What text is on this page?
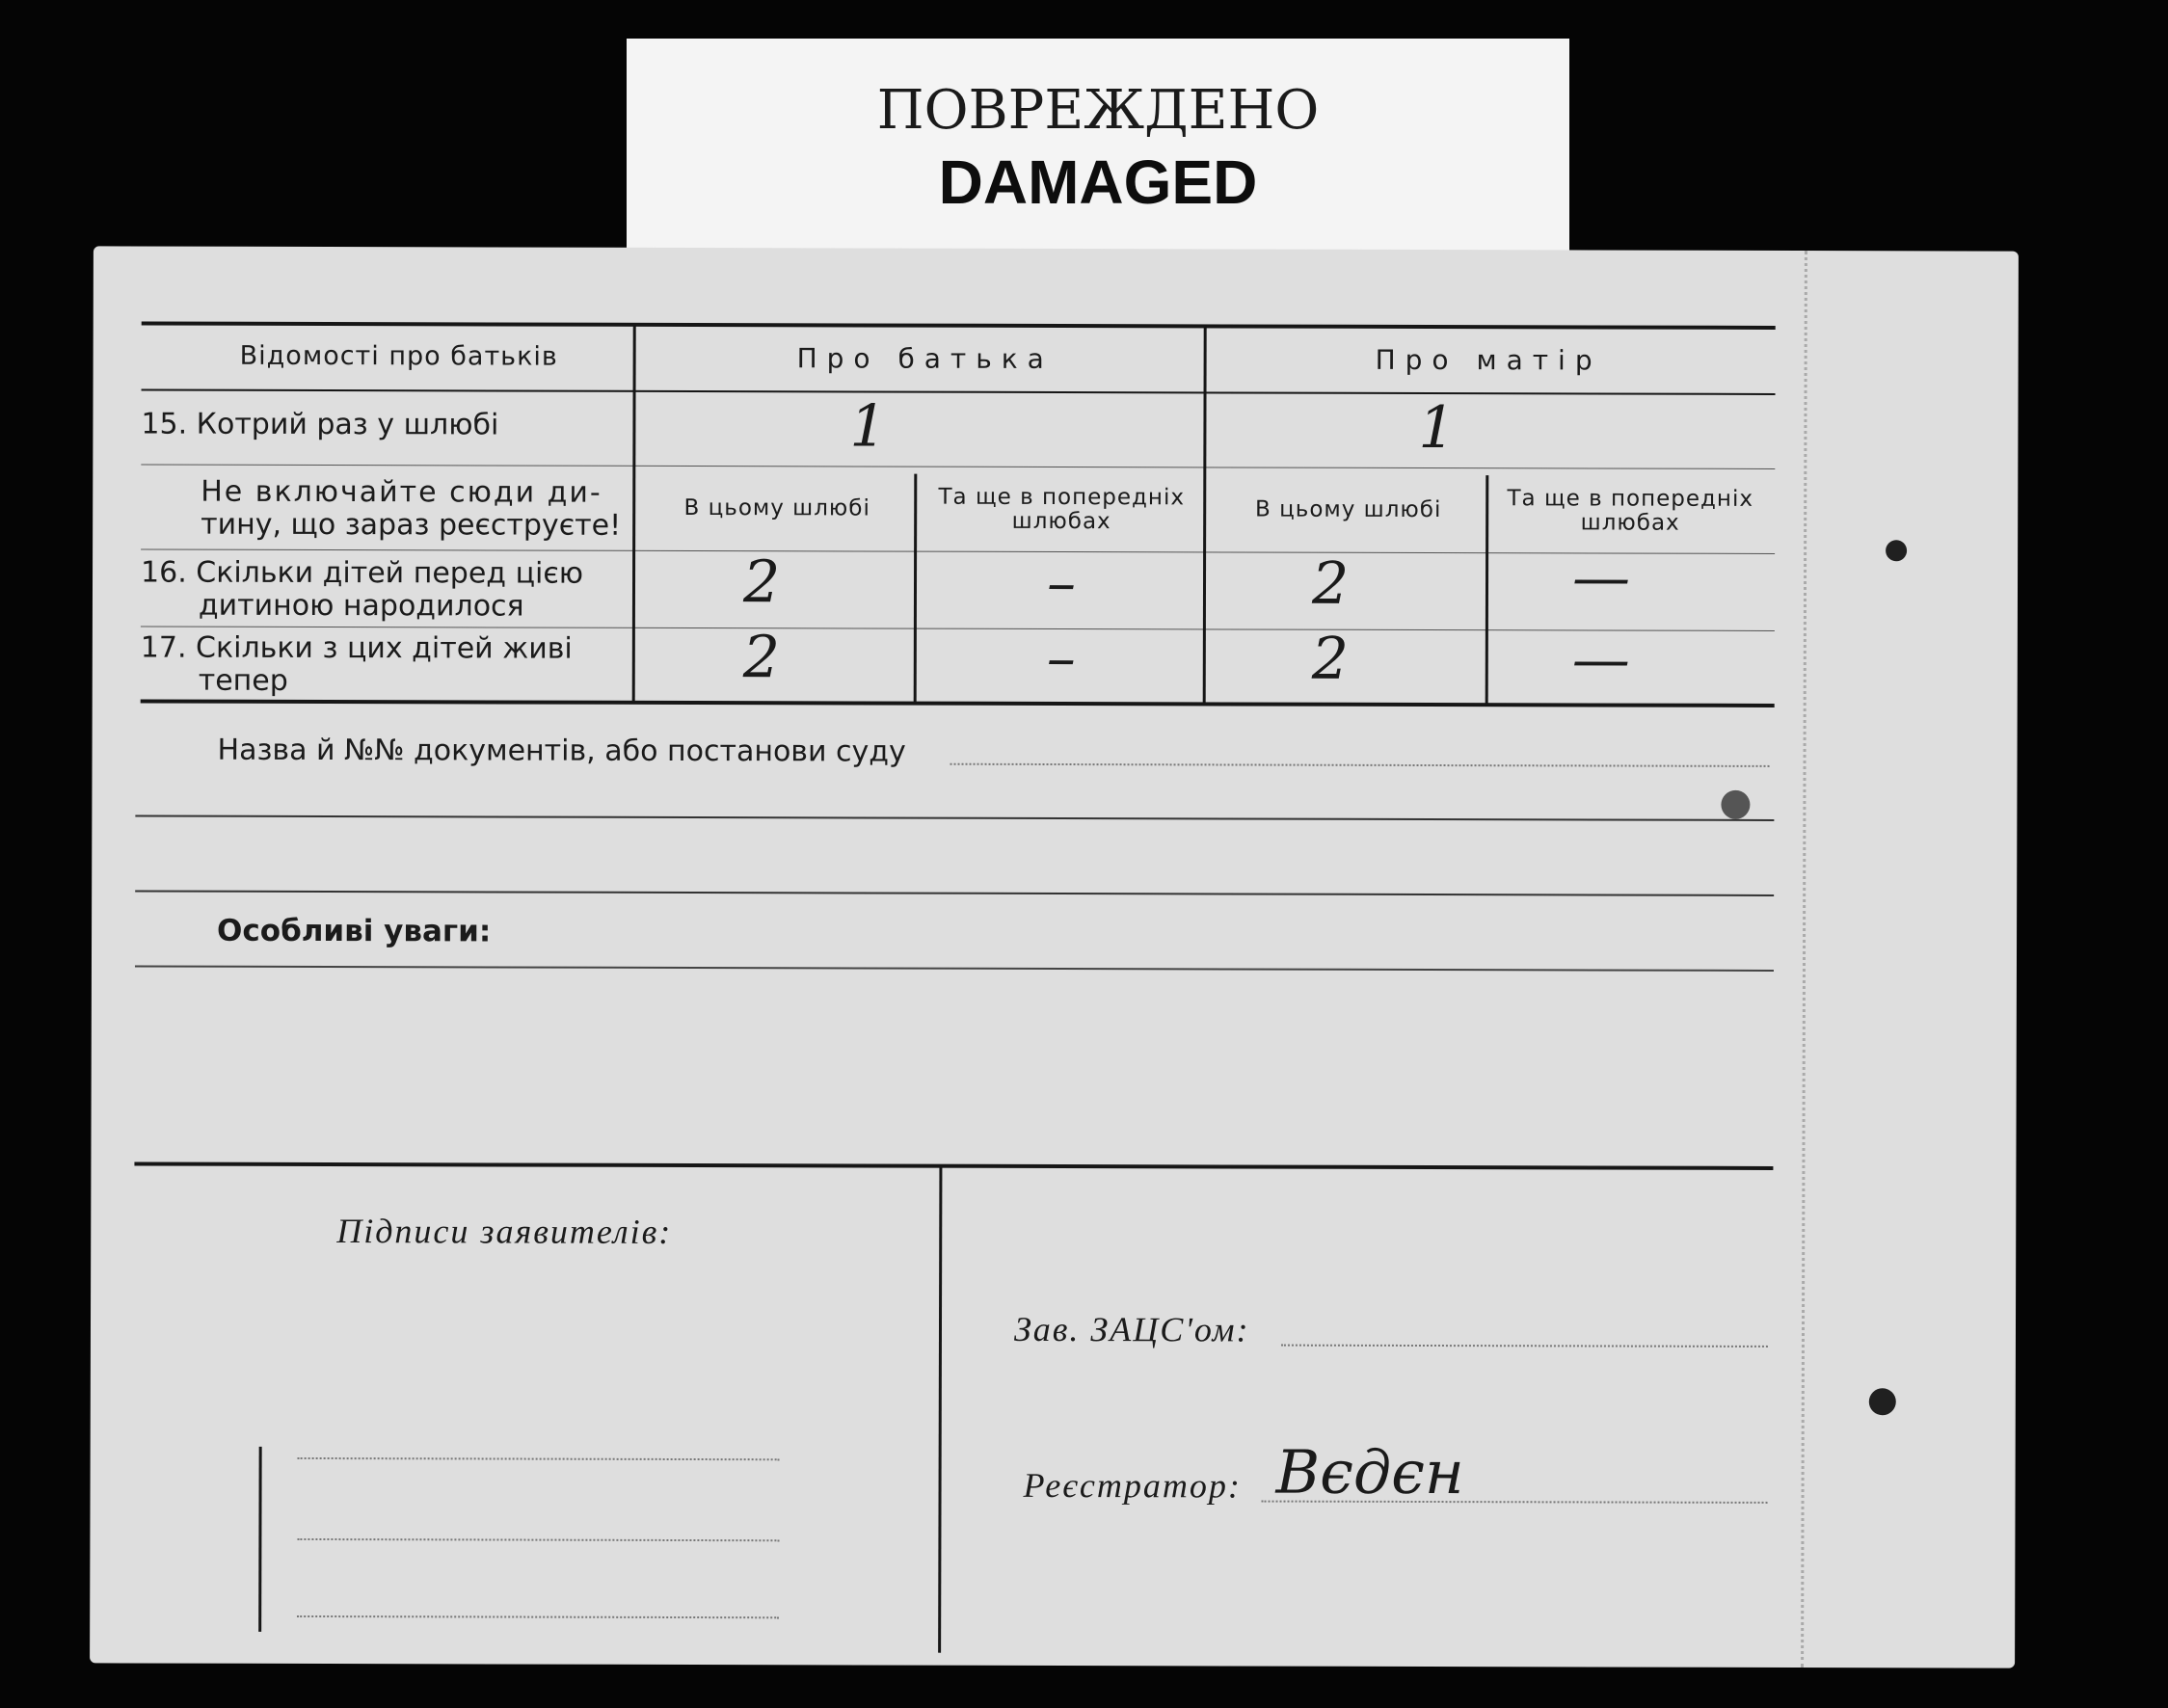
ПОВРЕЖДЕНО
DAMAGED
Відомості про батьків	Про батька	Про матір
15. Котрий раз у шлюбі	1	1
Не включайте сюди ди-
тину, що зараз реєструєте!	В цьому шлюбі	Та ще в попередніх шлюбах	В цьому шлюбі	Та ще в попередніх шлюбах
16. Скільки дітей перед цією
дитиною народилося	2	–	2	—
17. Скільки з цих дітей живі
тепер	2	–	2	—
Назва й №№ документів, або постанови суду
Особливі уваги:
Підписи заявителів:
Зав. ЗАЦС'ом:
Реєстратор: Вєдєн
